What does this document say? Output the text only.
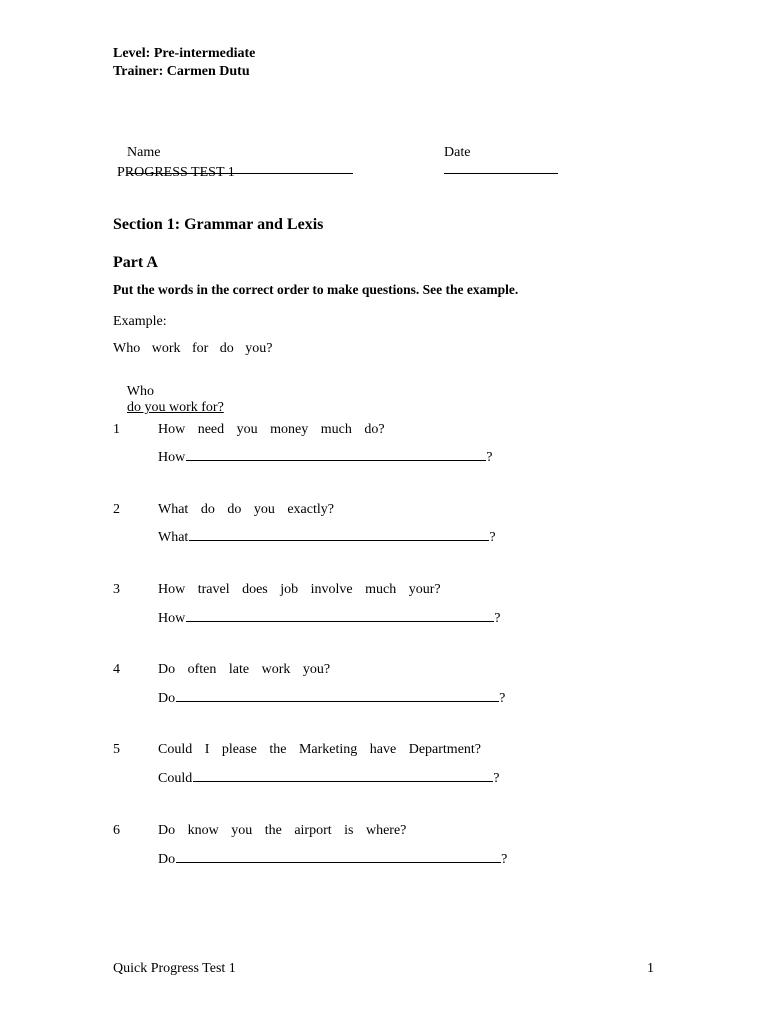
Level: Pre-intermediate
Trainer: Carmen Dutu

Name

	Date

PROGRESS TEST 1
Section 1: Grammar and Lexis
Part A
Put the words in the correct order to make questions. See the example.
Example:
Who work for do you?

Who
do you work for?

1	How need you money much do?
How	?
2	What do do you exactly?
What	?
3	How travel does job involve much your?
How	?
4	Do often late work you?
Do	?
5	Could I please the Marketing have Department?
Could	?
6	Do know you the airport is where?
Do	?
Quick Progress Test 1	1
